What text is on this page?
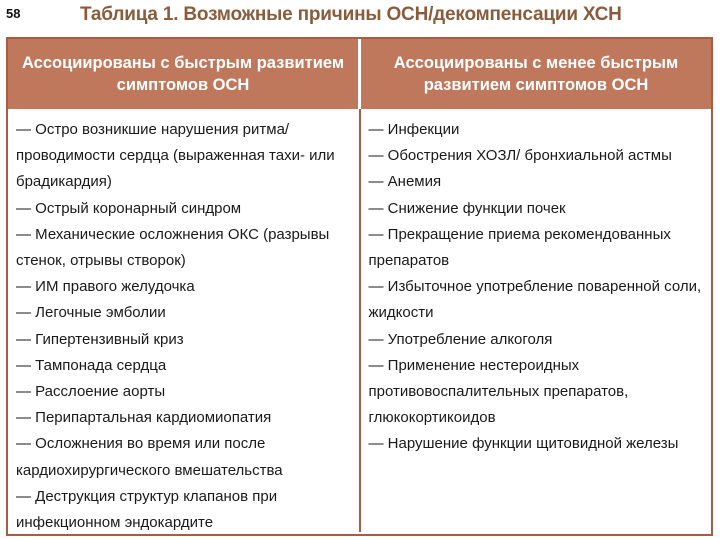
58	Таблица 1. Возможные причины ОСН/декомпенсации ХСН
Ассоциированы с быстрым развитием симптомов ОСН
Ассоциированы с менее быстрым развитием симптомов ОСН

— Остро возникшие нарушения ритма/проводимости сердца (выраженная тахи- или брадикардия)

— Острый коронарный синдром

— Механические осложнения ОКС (разрывы стенок, отрывы створок)

— ИМ правого желудочка

— Легочные эмболии

— Гипертензивный криз

— Тампонада сердца

— Расслоение аорты

— Перипартальная кардиомиопатия

— Осложнения во время или после кардиохирургического вмешательства

— Деструкция структур клапанов при инфекционном эндокардите

— Инфекции

— Обострения ХОЗЛ/ бронхиальной астмы

— Анемия

— Снижение функции почек

— Прекращение приема рекомендованных препаратов

— Избыточное употребление поваренной соли, жидкости

— Употребление алкоголя

— Применение нестероидных противовоспалительных препаратов, глюкокортикоидов

— Нарушение функции щитовидной железы
